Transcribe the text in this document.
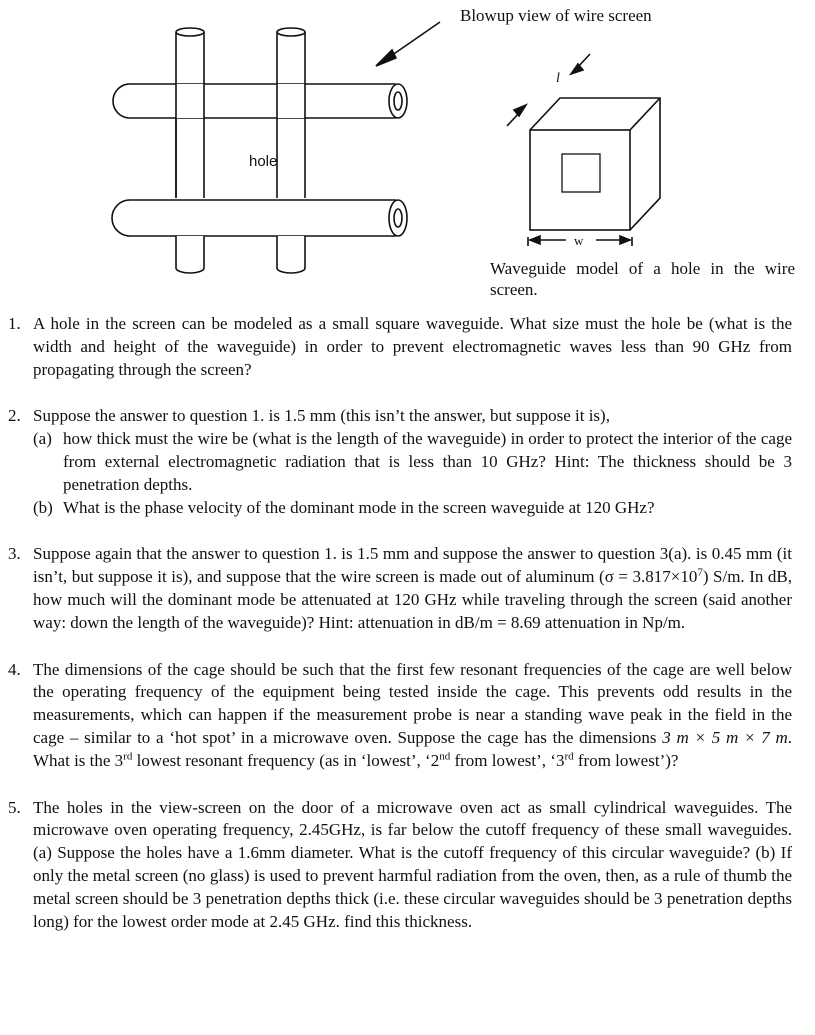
hole
l
w
Blowup view of wire screen
Waveguide model of a hole in the wire screen.
1. A hole in the screen can be modeled as a small square waveguide. What size must the hole be (what is the width and height of the waveguide) in order to prevent electromagnetic waves less than 90 GHz from propagating through the screen?
2. Suppose the answer to question 1. is 1.5 mm (this isn’t the answer, but suppose it is),
(a) how thick must the wire be (what is the length of the waveguide) in order to protect the interior of the cage from external electromagnetic radiation that is less than 10 GHz? Hint: The thickness should be 3 penetration depths.
(b) What is the phase velocity of the dominant mode in the screen waveguide at 120 GHz?
3. Suppose again that the answer to question 1. is 1.5 mm and suppose the answer to question 3(a). is 0.45 mm (it isn’t, but suppose it is), and suppose that the wire screen is made out of aluminum $(\sigma = 3.817\times 10^7)$ S/m. In dB, how much will the dominant mode be attenuated at 120 GHz while traveling through the screen (said another way: down the length of the waveguide)? Hint: attenuation in dB/m = 8.69 attenuation in Np/m.
4. The dimensions of the cage should be such that the first few resonant frequencies of the cage are well below the operating frequency of the equipment being tested inside the cage. This prevents odd results in the measurements, which can happen if the measurement probe is near a standing wave peak in the field in the cage – similar to a ‘hot spot’ in a microwave oven. Suppose the cage has the dimensions 3 m × 5 m × 7 m. What is the 3rd lowest resonant frequency (as in ‘lowest’, ‘2nd from lowest’, ‘3rd from lowest’)?
5. The holes in the view-screen on the door of a microwave oven act as small cylindrical waveguides. The microwave oven operating frequency, 2.45GHz, is far below the cutoff frequency of these small waveguides. (a) Suppose the holes have a 1.6mm diameter. What is the cutoff frequency of this circular waveguide? (b) If only the metal screen (no glass) is used to prevent harmful radiation from the oven, then, as a rule of thumb the metal screen should be 3 penetration depths thick (i.e. these circular waveguides should be 3 penetration depths long) for the lowest order mode at 2.45 GHz. find this thickness.
